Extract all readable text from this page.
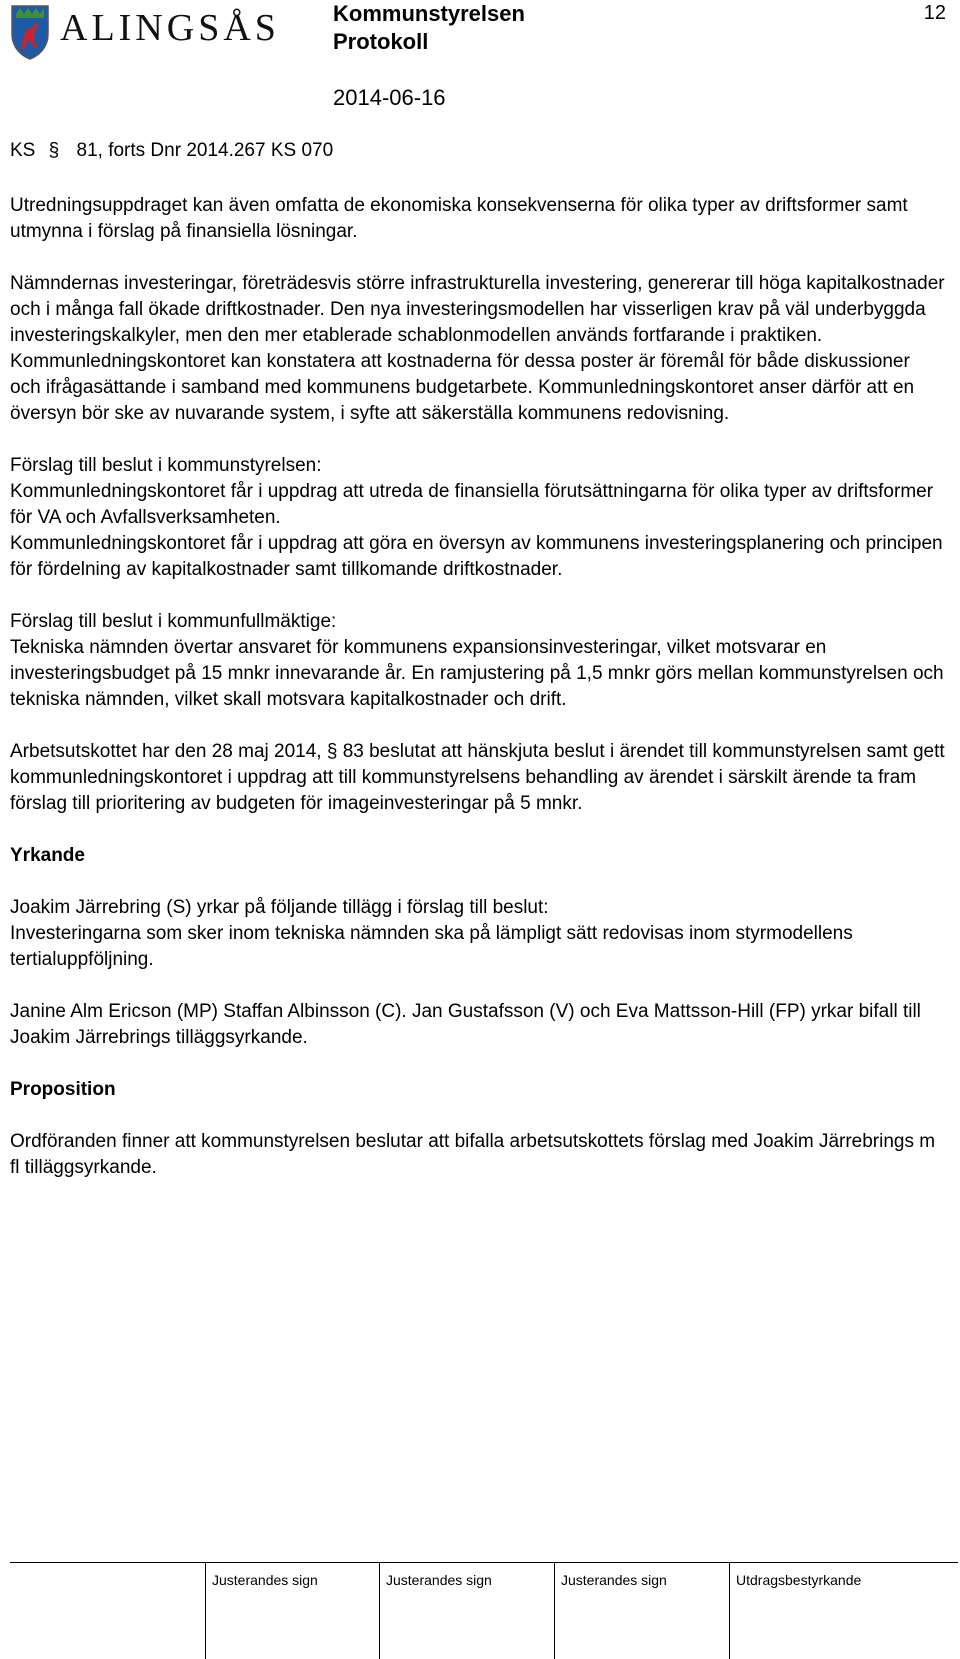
ALINGSÅS Kommunstyrelsen
Protokoll
2014-06-16
12
KS § 81, forts Dnr 2014.267 KS 070

Utredningsuppdraget kan även omfatta de ekonomiska konsekvenserna för olika typer av driftsformer samt utmynna i förslag på finansiella lösningar.

Nämndernas investeringar, företrädesvis större infrastrukturella investering, genererar till höga kapitalkostnader och i många fall ökade driftkostnader. Den nya investeringsmodellen har visserligen krav på väl underbyggda investeringskalkyler, men den mer etablerade schablonmodellen används fortfarande i praktiken. Kommunledningskontoret kan konstatera att kostnaderna för dessa poster är föremål för både diskussioner och ifrågasättande i samband med kommunens budgetarbete. Kommunledningskontoret anser därför att en översyn bör ske av nuvarande system, i syfte att säkerställa kommunens redovisning.

Förslag till beslut i kommunstyrelsen:
Kommunledningskontoret får i uppdrag att utreda de finansiella förutsättningarna för olika typer av driftsformer för VA och Avfallsverksamheten.
Kommunledningskontoret får i uppdrag att göra en översyn av kommunens investeringsplanering och principen för fördelning av kapitalkostnader samt tillkomande driftkostnader.

Förslag till beslut i kommunfullmäktige:
Tekniska nämnden övertar ansvaret för kommunens expansionsinvesteringar, vilket motsvarar en investeringsbudget på 15 mnkr innevarande år. En ramjustering på 1,5 mnkr görs mellan kommunstyrelsen och tekniska nämnden, vilket skall motsvara kapitalkostnader och drift.

Arbetsutskottet har den 28 maj 2014, § 83 beslutat att hänskjuta beslut i ärendet till kommunstyrelsen samt gett kommunledningskontoret i uppdrag att till kommunstyrelsens behandling av ärendet i särskilt ärende ta fram förslag till prioritering av budgeten för imageinvesteringar på 5 mnkr.

Yrkande

Joakim Järrebring (S) yrkar på följande tillägg i förslag till beslut:
Investeringarna som sker inom tekniska nämnden ska på lämpligt sätt redovisas inom styrmodellens tertialuppföljning.

Janine Alm Ericson (MP) Staffan Albinsson (C). Jan Gustafsson (V) och Eva Mattsson-Hill (FP) yrkar bifall till Joakim Järrebrings tilläggsyrkande.

Proposition

Ordföranden finner att kommunstyrelsen beslutar att bifalla arbetsutskottets förslag med Joakim Järrebrings m fl tilläggsyrkande.

Justerandes sign	Justerandes sign	Justerandes sign	Utdragsbestyrkande
